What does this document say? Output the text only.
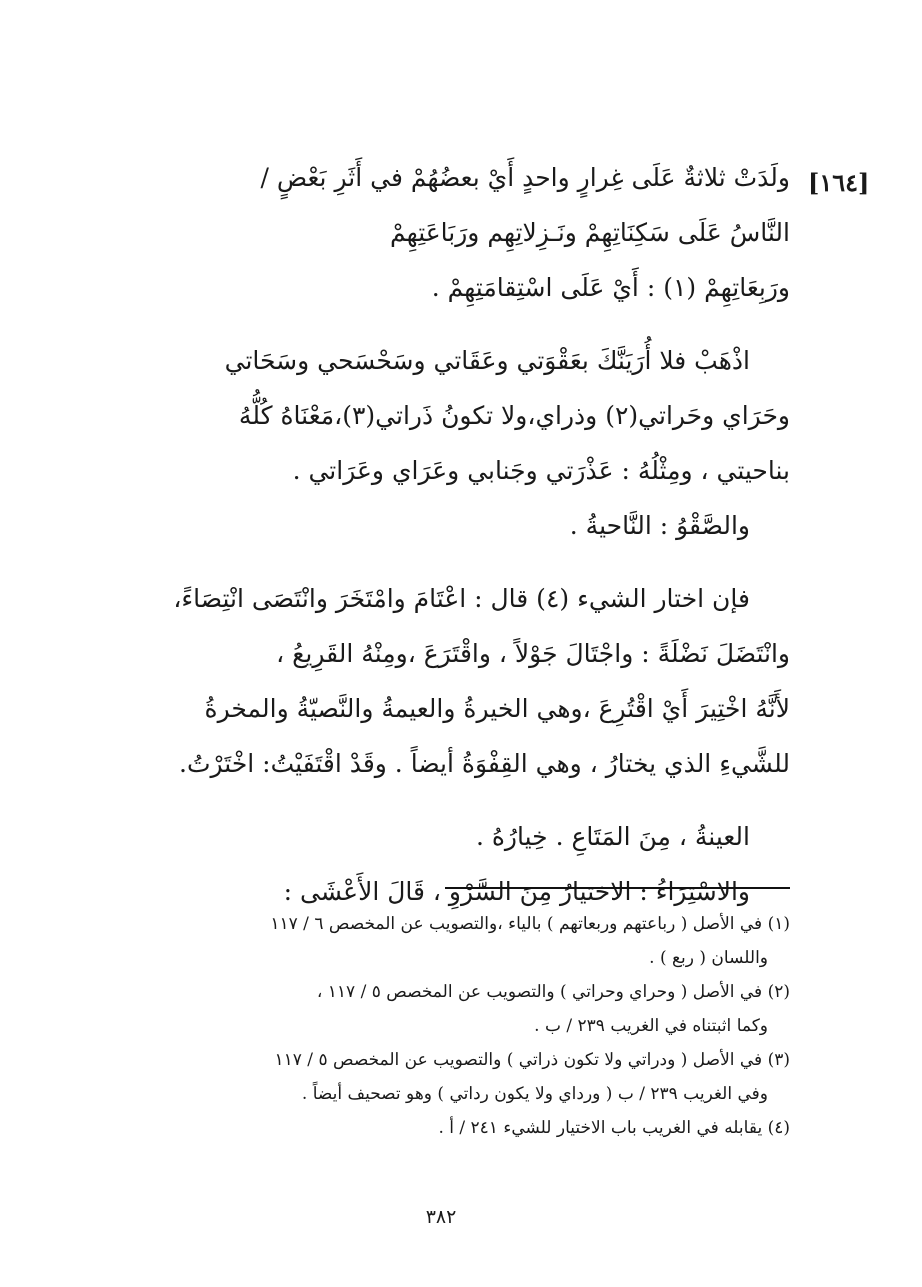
[١٦٤]
ولَدَتْ ثلاثةٌ عَلَى غِرارٍ واحدٍ أَيْ بعضُهُمْ في أَثَرِ بَعْضٍ /
النَّاسُ عَلَى سَكِنَاتِهِمْ ونَـزِلاتِهِم ورَبَاعَتِهِمْ
ورَبِعَاتِهِمْ (١) : أَيْ عَلَى اسْتِقامَتِهِمْ .
اذْهَبْ فلا أُرَيَنَّكَ بعَقْوَتي وعَقَاتي وسَحْسَحي وسَحَاتي
وحَرَاي وحَراتي(٢) وذراي،ولا تكونُ ذَراتي(٣)،مَعْنَاهُ كُلُّهُ
بناحيتي ، ومِثْلُهُ : عَذْرَتي وجَنابي وعَرَاي وعَرَاتي .
والصَّقْوُ : النَّاحيةُ .
فإن اختار الشيء (٤) قال : اعْتَامَ وامْتَخَرَ وانْتَصَى انْتِصَاءً،
وانْتَضَلَ نَضْلَةً : واجْتَالَ جَوْلاً ، واقْتَرَعَ ،ومِنْهُ القَرِيعُ ،
لأَنَّهُ اخْتِيرَ أَيْ اقْتُرِعَ ،وهي الخيرةُ والعيمةُ والنَّصيّةُ والمخرةُ
للشَّيءِ الذي يختارُ ، وهي القِفْوَةُ أيضاً . وقَدْ اقْتَفَيْتُ: اخْتَرْتُ.
العينةُ ، مِنَ المَتَاعِ . خِيارُهُ .
والاسْتِرَاءُ : الاختيارُ مِنَ السَّرْوِ ، قَالَ الأَعْشَى :
(١) في الأصل ( رباعتهم وربعاتهم ) بالياء ،والتصويب عن المخصص ٦ / ١١٧
واللسان ( ربع ) .
(٢) في الأصل ( وحراي وحراتي ) والتصويب عن المخصص ٥ / ١١٧ ،
وكما اثبتناه في الغريب ٢٣٩ / ب .
(٣) في الأصل ( ودراتي ولا تكون ذراتي ) والتصويب عن المخصص ٥ / ١١٧
وفي الغريب ٢٣٩ / ب ( ورداي ولا يكون رداتي ) وهو تصحيف أيضاً .
(٤) يقابله في الغريب باب الاختيار للشيء ٢٤١ / أ .
٣٨٢
